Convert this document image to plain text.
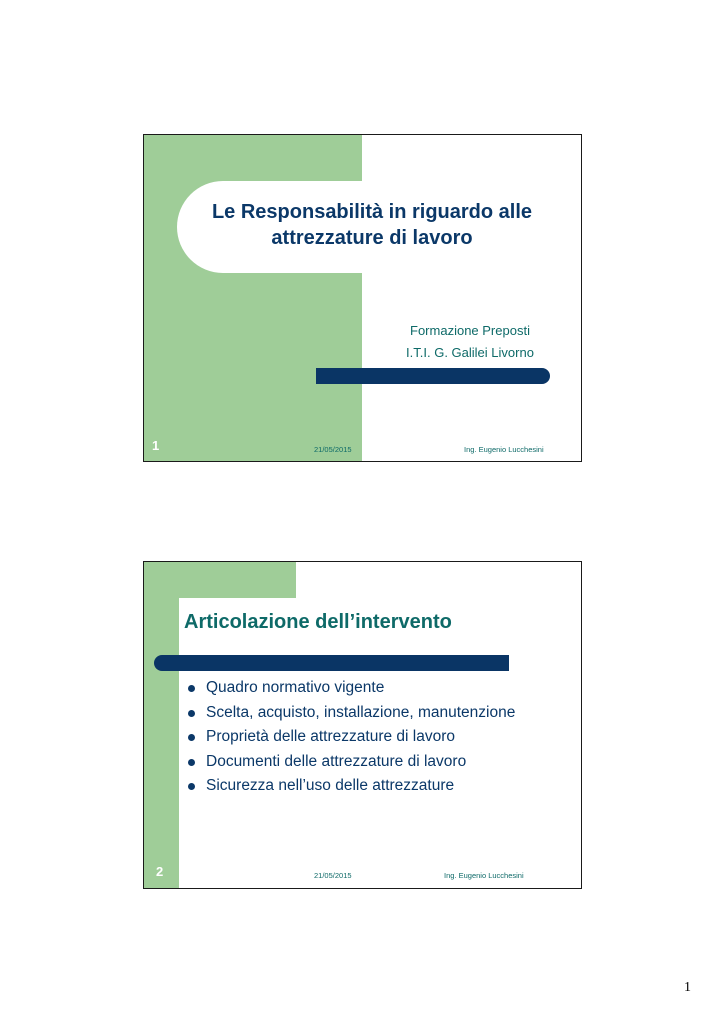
Le Responsabilità in riguardo alle
attrezzature di lavoro
Formazione Preposti
I.T.I. G. Galilei Livorno
1	21/05/2015	Ing. Eugenio Lucchesini
Articolazione dell’intervento
Quadro normativo vigente
Scelta, acquisto, installazione, manutenzione
Proprietà delle attrezzature di lavoro
Documenti delle attrezzature di lavoro
Sicurezza nell’uso delle attrezzature
2	21/05/2015	Ing. Eugenio Lucchesini
1
